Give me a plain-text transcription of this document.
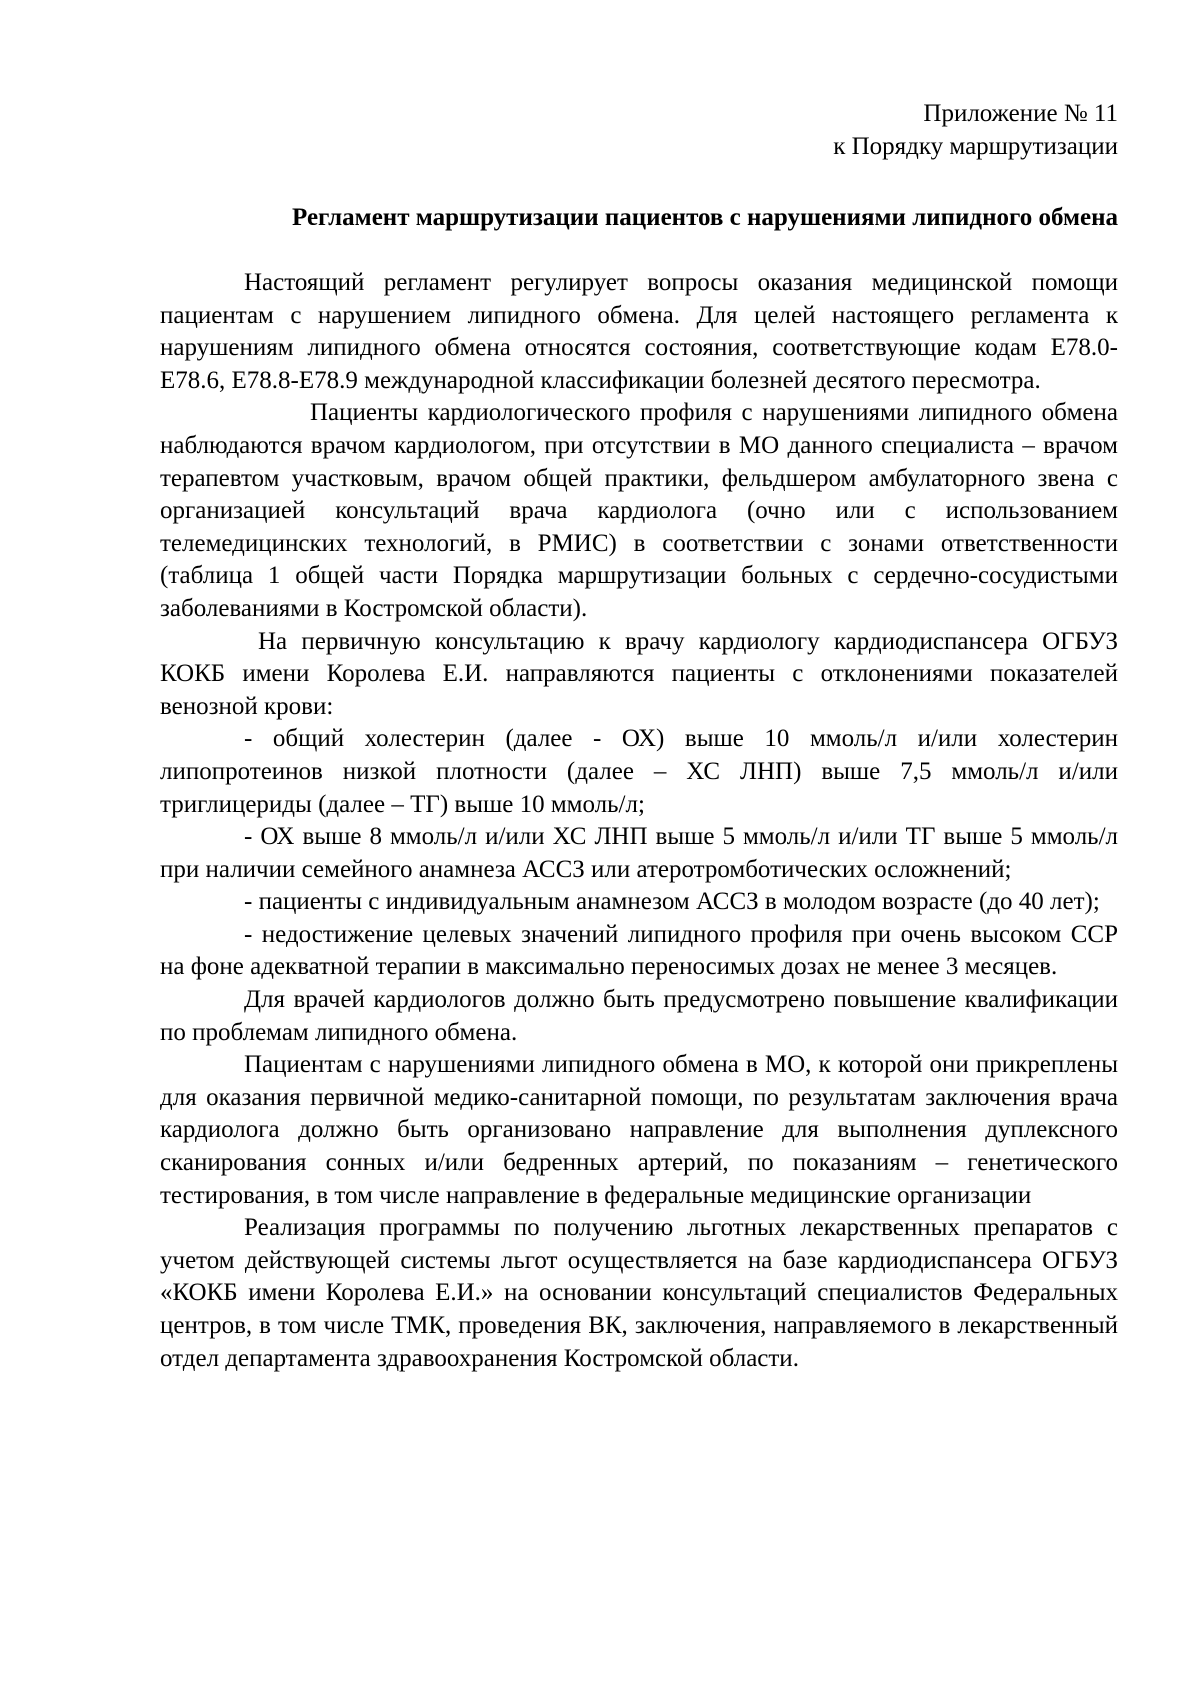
Приложение № 11
к Порядку маршрутизации
Регламент маршрутизации пациентов с нарушениями липидного обмена

Настоящий регламент регулирует вопросы оказания медицинской помощи пациентам с нарушением липидного обмена. Для целей настоящего регламента к нарушениям липидного обмена относятся состояния, соответствующие кодам E78.0-E78.6, E78.8-E78.9 международной классификации болезней десятого пересмотра.

Пациенты кардиологического профиля с нарушениями липидного обмена наблюдаются врачом кардиологом, при отсутствии в МО данного специалиста – врачом терапевтом участковым, врачом общей практики, фельдшером амбулаторного звена с организацией консультаций врача кардиолога (очно или с использованием телемедицинских технологий, в РМИС) в соответствии с зонами ответственности (таблица 1 общей части Порядка маршрутизации больных с сердечно-сосудистыми заболеваниями в Костромской области).

На первичную консультацию к врачу кардиологу кардиодиспансера ОГБУЗ КОКБ имени Королева Е.И. направляются пациенты с отклонениями показателей венозной крови:

- общий холестерин (далее - ОХ) выше 10 ммоль/л и/или холестерин липопротеинов низкой плотности (далее – ХС ЛНП) выше 7,5 ммоль/л и/или триглицериды (далее – ТГ) выше 10 ммоль/л;

- ОХ выше 8 ммоль/л и/или ХС ЛНП выше 5 ммоль/л и/или ТГ выше 5 ммоль/л при наличии семейного анамнеза АССЗ или атеротромботических осложнений;

- пациенты с индивидуальным анамнезом АССЗ в молодом возрасте (до 40 лет);

- недостижение целевых значений липидного профиля при очень высоком ССР на фоне адекватной терапии в максимально переносимых дозах не менее 3 месяцев.

Для врачей кардиологов должно быть предусмотрено повышение квалификации по проблемам липидного обмена.

Пациентам с нарушениями липидного обмена в МО, к которой они прикреплены для оказания первичной медико-санитарной помощи, по результатам заключения врача кардиолога должно быть организовано направление для выполнения дуплексного сканирования сонных и/или бедренных артерий, по показаниям – генетического тестирования, в том числе направление в федеральные медицинские организации

Реализация программы по получению льготных лекарственных препаратов с учетом действующей системы льгот осуществляется на базе кардиодиспансера ОГБУЗ «КОКБ имени Королева Е.И.» на основании консультаций специалистов Федеральных центров, в том числе ТМК, проведения ВК, заключения, направляемого в лекарственный отдел департамента здравоохранения Костромской области.
